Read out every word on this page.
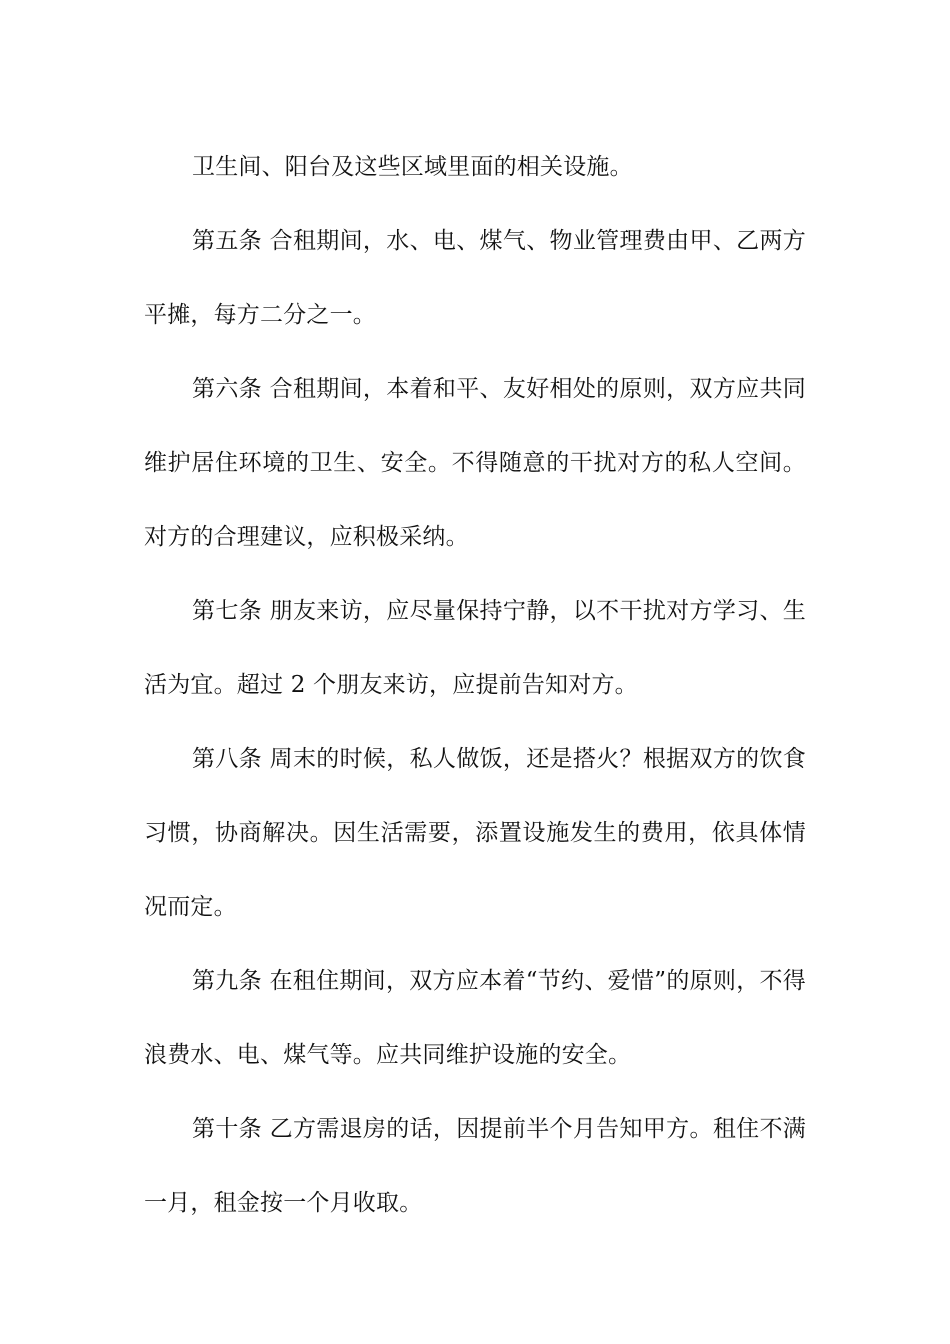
卫生间、阳台及这些区域里面的相关设施。

第五条 合租期间，水、电、煤气、物业管理费由甲、乙两方平摊，每方二分之一。

第六条 合租期间，本着和平、友好相处的原则，双方应共同维护居住环境的卫生、安全。不得随意的干扰对方的私人空间。对方的合理建议，应积极采纳。

第七条 朋友来访，应尽量保持宁静，以不干扰对方学习、生活为宜。超过 2 个朋友来访，应提前告知对方。

第八条 周末的时候，私人做饭，还是搭火？根据双方的饮食习惯，协商解决。因生活需要，添置设施发生的费用，依具体情况而定。

第九条 在租住期间，双方应本着“节约、爱惜”的原则，不得浪费水、电、煤气等。应共同维护设施的安全。

第十条 乙方需退房的话，因提前半个月告知甲方。租住不满一月，租金按一个月收取。
